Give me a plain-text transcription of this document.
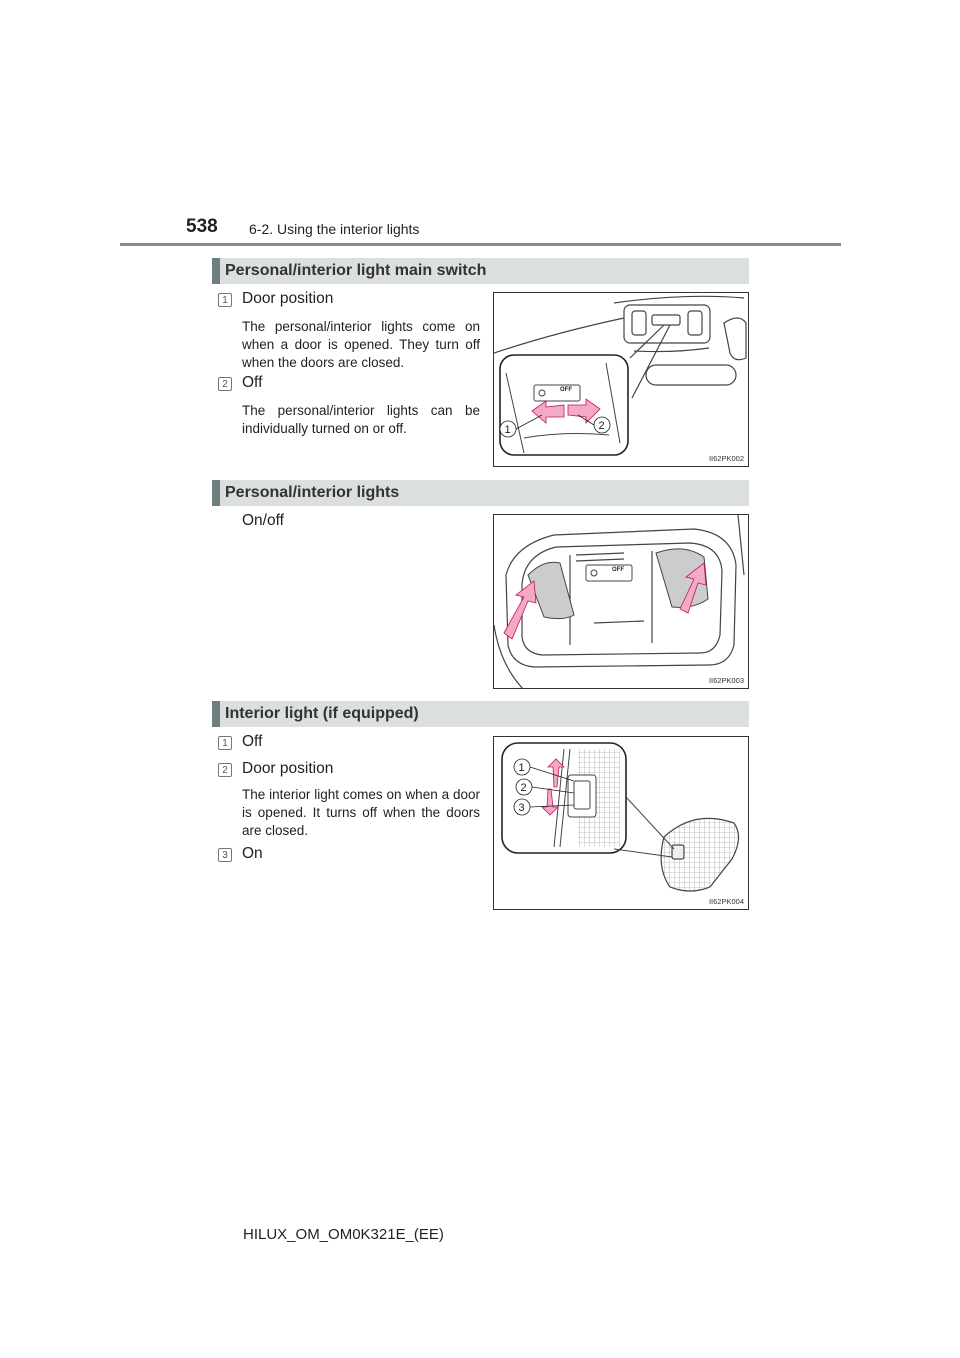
538 6-2. Using the interior lights
Personal/interior light main switch
1 Door position
The personal/interior lights come on when a door is opened. They turn off when the doors are closed.
2 Off
The personal/interior lights can be individually turned on or off.
OFF
1	2
II62PK002
Personal/interior lights
On/off
OFF
II62PK003
Interior light (if equipped)
1 Off
2 Door position
The interior light comes on when a door is opened. It turns off when the doors are closed.
3 On
1
2
3
II62PK004
HILUX_OM_OM0K321E_(EE)
